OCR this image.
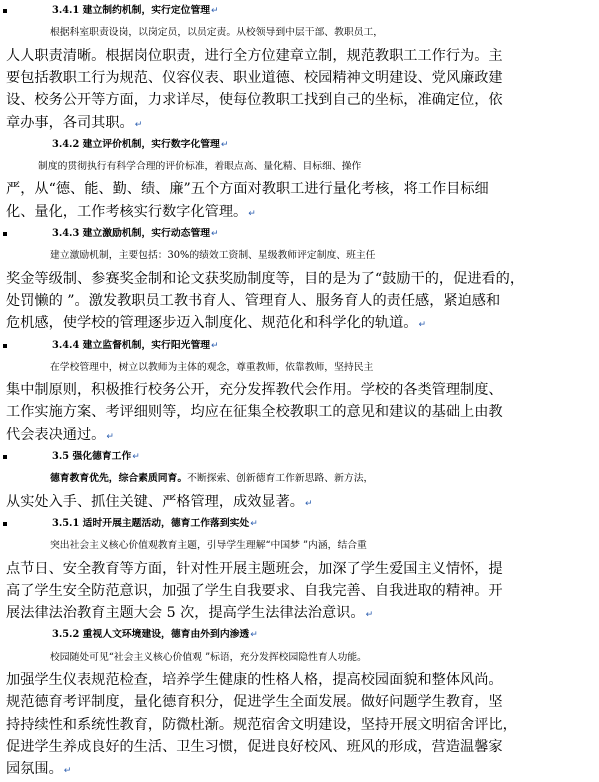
3.4.1 建立制约机制，实行定位管理↵
根据科室职责设岗，以岗定员，以员定责。从校领导到中层干部、教职员工，
人人职责清晰。根据岗位职责，进行全方位建章立制，规范教职工工作行为。主
要包括教职工行为规范、仪容仪表、职业道德、校园精神文明建设、党风廉政建
设、校务公开等方面，力求详尽，使每位教职工找到自己的坐标，准确定位，依
章办事，各司其职。↵
3.4.2 建立评价机制，实行数字化管理↵
制度的贯彻执行有科学合理的评价标准，着眼点高、量化精、目标细、操作
严，从“德、能、勤、绩、廉”五个方面对教职工进行量化考核，将工作目标细
化、量化，工作考核实行数字化管理。↵
3.4.3 建立激励机制，实行动态管理↵
建立激励机制，主要包括：30%的绩效工资制、星级教师评定制度、班主任
奖金等级制、参赛奖金制和论文获奖励制度等，目的是为了“鼓励干的，促进看的，
处罚懒的 ”。激发教职员工教书育人、管理育人、服务育人的责任感，紧迫感和
危机感，使学校的管理逐步迈入制度化、规范化和科学化的轨道。↵
3.4.4 建立监督机制，实行阳光管理↵
在学校管理中，树立以教师为主体的观念，尊重教师，依靠教师，坚持民主
集中制原则，积极推行校务公开，充分发挥教代会作用。学校的各类管理制度、
工作实施方案、考评细则等，均应在征集全校教职工的意见和建议的基础上由教
代会表决通过。↵
3.5 强化德育工作↵
德育教育优先，综合素质同育。不断探索、创新德育工作新思路、新方法，
从实处入手、抓住关键、严格管理，成效显著。↵
3.5.1 适时开展主题活动，德育工作落到实处↵
突出社会主义核心价值观教育主题，引导学生理解“中国梦 ”内涵，结合重
点节日、安全教育等方面，针对性开展主题班会，加深了学生爱国主义情怀，提
高了学生安全防范意识，加强了学生自我要求、自我完善、自我进取的精神。开
展法律法治教育主题大会 5 次，提高学生法律法治意识。↵
3.5.2 重视人文环境建设，德育由外到内渗透↵
校园随处可见“社会主义核心价值观 ”标语，充分发挥校园隐性育人功能。
加强学生仪表规范检查，培养学生健康的性格人格，提高校园面貌和整体风尚。
规范德育考评制度，量化德育积分，促进学生全面发展。做好问题学生教育，坚
持持续性和系统性教育，防微杜渐。规范宿舍文明建设，坚持开展文明宿舍评比，
促进学生养成良好的生活、卫生习惯，促进良好校风、班风的形成，营造温馨家
园氛围。↵
